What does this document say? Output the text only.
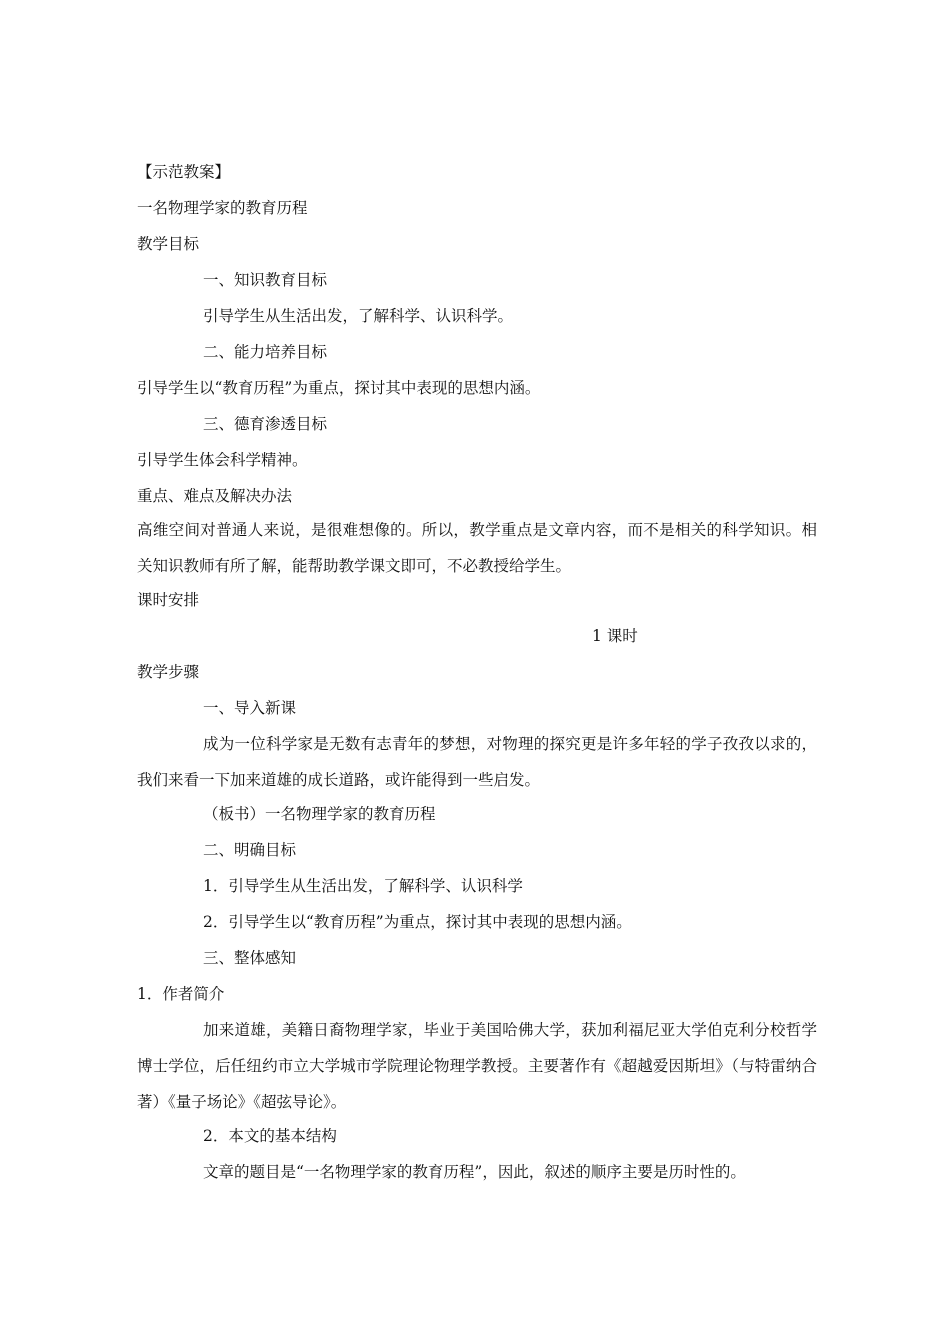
【示范教案】
一名物理学家的教育历程
教学目标
一、知识教育目标
引导学生从生活出发，了解科学、认识科学。
二、能力培养目标
引导学生以“教育历程”为重点，探讨其中表现的思想内涵。
三、德育渗透目标
引导学生体会科学精神。
重点、难点及解决办法
高维空间对普通人来说，是很难想像的。所以，教学重点是文章内容，而不是相关的科学知识。相关知识教师有所了解，能帮助教学课文即可，不必教授给学生。
课时安排
1 课时
教学步骤
一、导入新课
成为一位科学家是无数有志青年的梦想，对物理的探究更是许多年轻的学子孜孜以求的，我们来看一下加来道雄的成长道路，或许能得到一些启发。
（板书）一名物理学家的教育历程
二、明确目标
1．引导学生从生活出发，了解科学、认识科学
2．引导学生以“教育历程”为重点，探讨其中表现的思想内涵。
三、整体感知
1．作者简介
加来道雄，美籍日裔物理学家，毕业于美国哈佛大学，获加利福尼亚大学伯克利分校哲学博士学位，后任纽约市立大学城市学院理论物理学教授。主要著作有《超越爱因斯坦》（与特雷纳合著）《量子场论》《超弦导论》。
2．本文的基本结构
文章的题目是“一名物理学家的教育历程”，因此，叙述的顺序主要是历时性的。
